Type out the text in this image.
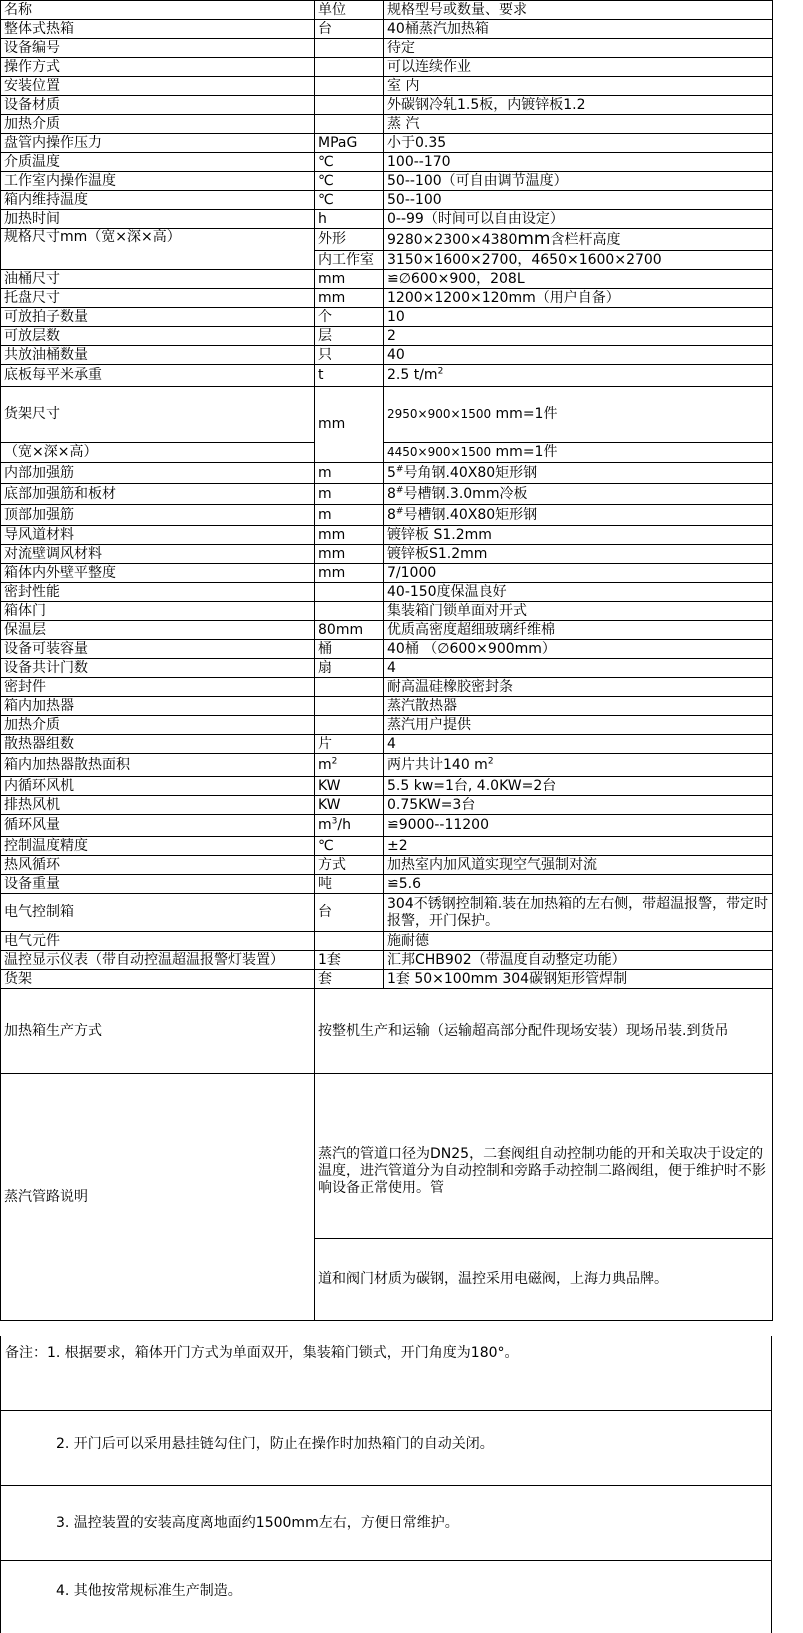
名称	单位	规格型号或数量、要求
整体式热箱	台	40桶蒸汽加热箱
设备编号		待定
操作方式		可以连续作业
安装位置		室 内
设备材质		外碳钢冷轧1.5板，内镀锌板1.2
加热介质		蒸 汽
盘管内操作压力	MPaG	小于0.35
介质温度	℃	100--170
工作室内操作温度	℃	50--100（可自由调节温度）
箱内维持温度	℃	50--100
加热时间	h	0--99（时间可以自由设定）
规格尺寸mm（宽×深×高）	外形	9280×2300×4380mm含栏杆高度
	内工作室	3150×1600×2700，4650×1600×2700
油桶尺寸	mm	≌∅600×900，208L
托盘尺寸	mm	1200×1200×120mm（用户自备）
可放拍子数量	个	10
可放层数	层	2
共放油桶数量	只	40
底板每平米承重	t	2.5 $t/m^2$
货架尺寸	mm	2950×900×1500 mm=1件
（宽×深×高）		4450×900×1500 mm=1件
内部加强筋	m	5#号角钢.40X80矩形钢
底部加强筋和板材	m	8#号槽钢.3.0mm冷板
顶部加强筋	m	8#号槽钢.40X80矩形钢
导风道材料	mm	镀锌板 S1.2mm
对流壁调风材料	mm	镀锌板S1.2mm
箱体内外壁平整度	mm	7/1000
密封性能		40-150度保温良好
箱体门		集装箱门锁单面对开式
保温层	80mm	优质高密度超细玻璃纤维棉
设备可装容量	桶	40桶 （∅600×900mm）
设备共计门数	扇	4
密封件		耐高温硅橡胶密封条
箱内加热器		蒸汽散热器
加热介质		蒸汽用户提供
散热器组数	片	4
箱内加热器散热面积	$m^2$	两片共计140 $m^2$
内循环风机	KW	5.5 kw=1台, 4.0KW=2台
排热风机	KW	0.75KW=3台
循环风量	$m^3/h$	≌9000--11200
控制温度精度	℃	±2
热风循环	方式	加热室内加风道实现空气强制对流
设备重量	吨	≌5.6
电气控制箱	台	304不锈钢控制箱.装在加热箱的左右侧，带超温报警，带定时报警，开门保护。
电气元件		施耐德
温控显示仪表（带自动控温超温报警灯装置）	1套	汇邦CHB902（带温度自动整定功能）
货架	套	1套 50×100mm 304碳钢矩形管焊制
加热箱生产方式	按整机生产和运输（运输超高部分配件现场安装）现场吊装.到货吊	
蒸汽管路说明	蒸汽的管道口径为DN25，二套阀组自动控制功能的开和关取决于设定的温度，进汽管道分为自动控制和旁路手动控制二路阀组，便于维护时不影响设备正常使用。管	
	道和阀门材质为碳钢，温控采用电磁阀，上海力典品牌。	
备注：1. 根据要求，箱体开门方式为单面双开，集装箱门锁式，开门角度为180°。
2. 开门后可以采用悬挂链勾住门，防止在操作时加热箱门的自动关闭。
3. 温控装置的安装高度离地面约1500mm左右，方便日常维护。
4. 其他按常规标准生产制造。
